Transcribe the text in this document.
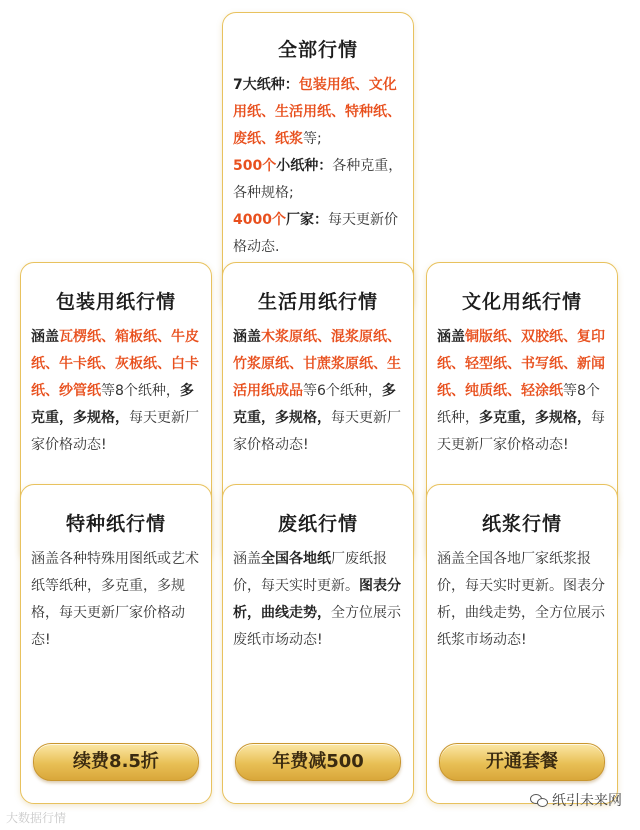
全部行情

7大纸种：包装用纸、文化用纸、生活用纸、特种纸、废纸、纸浆等;

500个小纸种：各种克重，各种规格;

4000个厂家：每天更新价格动态.

包装用纸行情

涵盖瓦楞纸、箱板纸、牛皮纸、牛卡纸、灰板纸、白卡纸、纱管纸等8个纸种，多克重，多规格，每天更新厂家价格动态!

文化用纸行情

涵盖铜版纸、双胶纸、复印纸、轻型纸、书写纸、新闻纸、纯质纸、轻涂纸等8个纸种，多克重，多规格，每天更新厂家价格动态!

生活用纸行情

涵盖木浆原纸、混浆原纸、竹浆原纸、甘蔗浆原纸、生活用纸成品等6个纸种，多克重，多规格，每天更新厂家价格动态!

特种纸行情

涵盖各种特殊用图纸或艺术纸等纸种，多克重，多规格，每天更新厂家价格动态!

续费8.5折
废纸行情

涵盖全国各地纸厂废纸报价，每天实时更新。图表分析，曲线走势，全方位展示废纸市场动态!

年费减500
纸浆行情

涵盖全国各地厂家纸浆报价，每天实时更新。图表分析，曲线走势，全方位展示纸浆市场动态!

开通套餐
大数据行情
纸引未来网
